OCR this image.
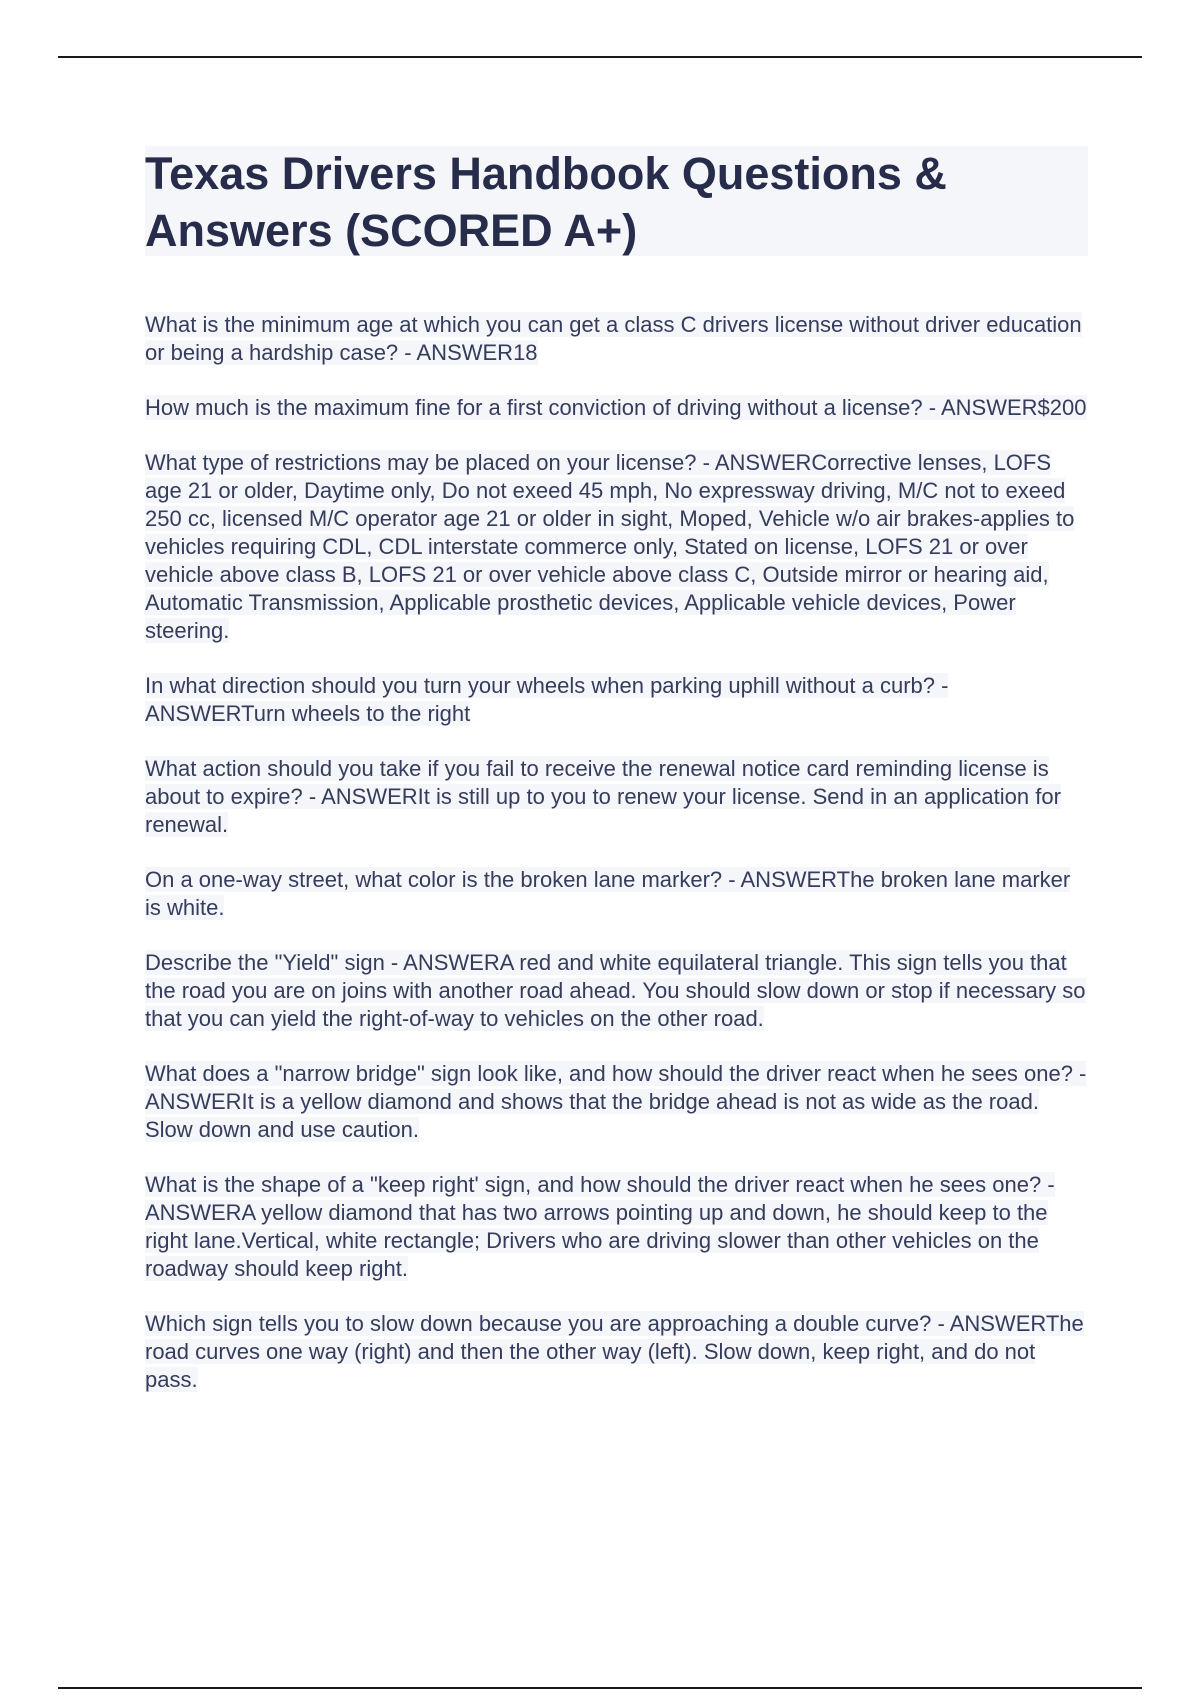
Texas Drivers Handbook Questions & Answers (SCORED A+)
What is the minimum age at which you can get a class C drivers license without driver education or being a hardship case? - ANSWER18
How much is the maximum fine for a first conviction of driving without a license? - ANSWER$200
What type of restrictions may be placed on your license? - ANSWERCorrective lenses, LOFS age 21 or older, Daytime only, Do not exeed 45 mph, No expressway driving, M/C not to exeed 250 cc, licensed M/C operator age 21 or older in sight, Moped, Vehicle w/o air brakes-applies to vehicles requiring CDL, CDL interstate commerce only, Stated on license, LOFS 21 or over vehicle above class B, LOFS 21 or over vehicle above class C, Outside mirror or hearing aid, Automatic Transmission, Applicable prosthetic devices, Applicable vehicle devices, Power steering.
In what direction should you turn your wheels when parking uphill without a curb? - ANSWERTurn wheels to the right
What action should you take if you fail to receive the renewal notice card reminding license is about to expire? - ANSWERIt is still up to you to renew your license. Send in an application for renewal.
On a one-way street, what color is the broken lane marker? - ANSWERThe broken lane marker is white.
Describe the "Yield" sign - ANSWERA red and white equilateral triangle. This sign tells you that the road you are on joins with another road ahead. You should slow down or stop if necessary so that you can yield the right-of-way to vehicles on the other road.
What does a "narrow bridge" sign look like, and how should the driver react when he sees one? - ANSWERIt is a yellow diamond and shows that the bridge ahead is not as wide as the road. Slow down and use caution.
What is the shape of a "keep right' sign, and how should the driver react when he sees one? - ANSWERA yellow diamond that has two arrows pointing up and down, he should keep to the right lane.Vertical, white rectangle; Drivers who are driving slower than other vehicles on the roadway should keep right.
Which sign tells you to slow down because you are approaching a double curve? - ANSWERThe road curves one way (right) and then the other way (left). Slow down, keep right, and do not pass.
